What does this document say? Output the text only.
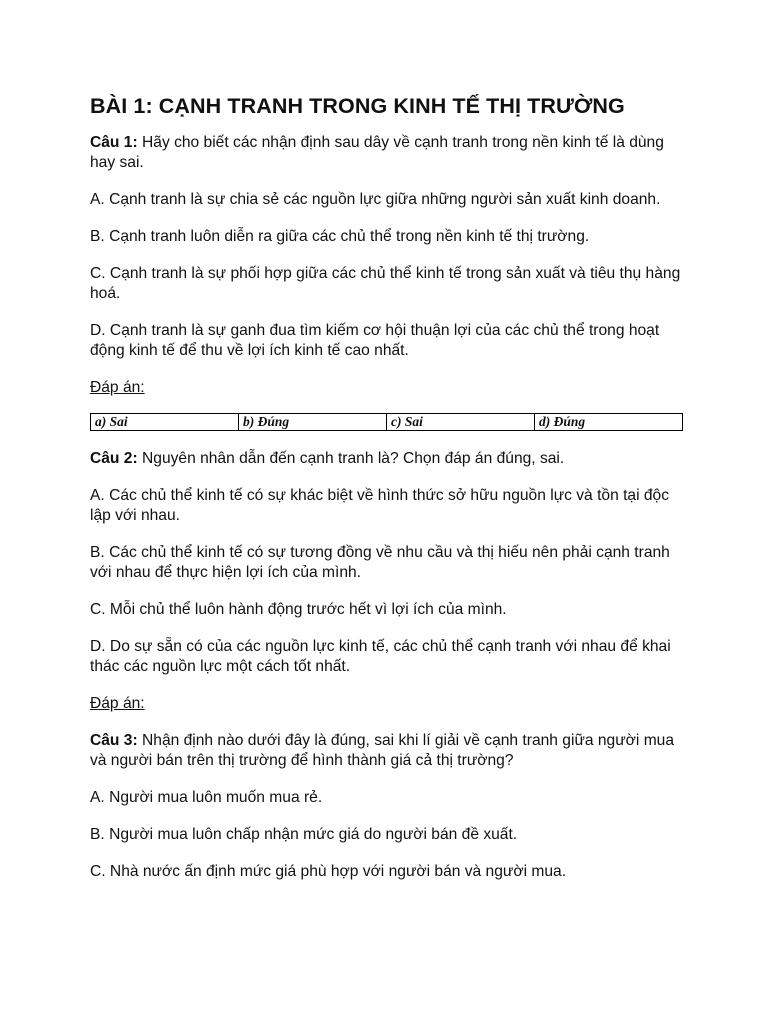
BÀI 1: CẠNH TRANH TRONG KINH TẾ THỊ TRƯỜNG

Câu 1: Hãy cho biết các nhận định sau dây về cạnh tranh trong nền kinh tế là dùng hay sai.

A. Cạnh tranh là sự chia sẻ các nguồn lực giữa những người sản xuất kinh doanh.

B. Cạnh tranh luôn diễn ra giữa các chủ thể trong nền kinh tế thị trường.

C. Cạnh tranh là sự phối hợp giữa các chủ thể kinh tế trong sản xuất và tiêu thụ hàng hoá.

D. Cạnh tranh là sự ganh đua tìm kiếm cơ hội thuận lợi của các chủ thể trong hoạt động kinh tế để thu về lợi ích kinh tế cao nhất.

Đáp án:

a) Sai	b) Đúng	c) Sai	d) Đúng

Câu 2: Nguyên nhân dẫn đến cạnh tranh là? Chọn đáp án đúng, sai.

A. Các chủ thể kinh tế có sự khác biệt về hình thức sở hữu nguồn lực và tồn tại độc lập với nhau.

B. Các chủ thể kinh tế có sự tương đồng về nhu cầu và thị hiếu nên phải cạnh tranh với nhau để thực hiện lợi ích của mình.

C. Mỗi chủ thể luôn hành động trước hết vì lợi ích của mình.

D. Do sự sẵn có của các nguồn lực kinh tế, các chủ thể cạnh tranh với nhau để khai thác các nguồn lực một cách tốt nhất.

Đáp án:

Câu 3: Nhận định nào dưới đây là đúng, sai khi lí giải về cạnh tranh giữa người mua và người bán trên thị trường để hình thành giá cả thị trường?

A. Người mua luôn muốn mua rẻ.

B. Người mua luôn chấp nhận mức giá do người bán đề xuất.

C. Nhà nước ấn định mức giá phù hợp với người bán và người mua.
